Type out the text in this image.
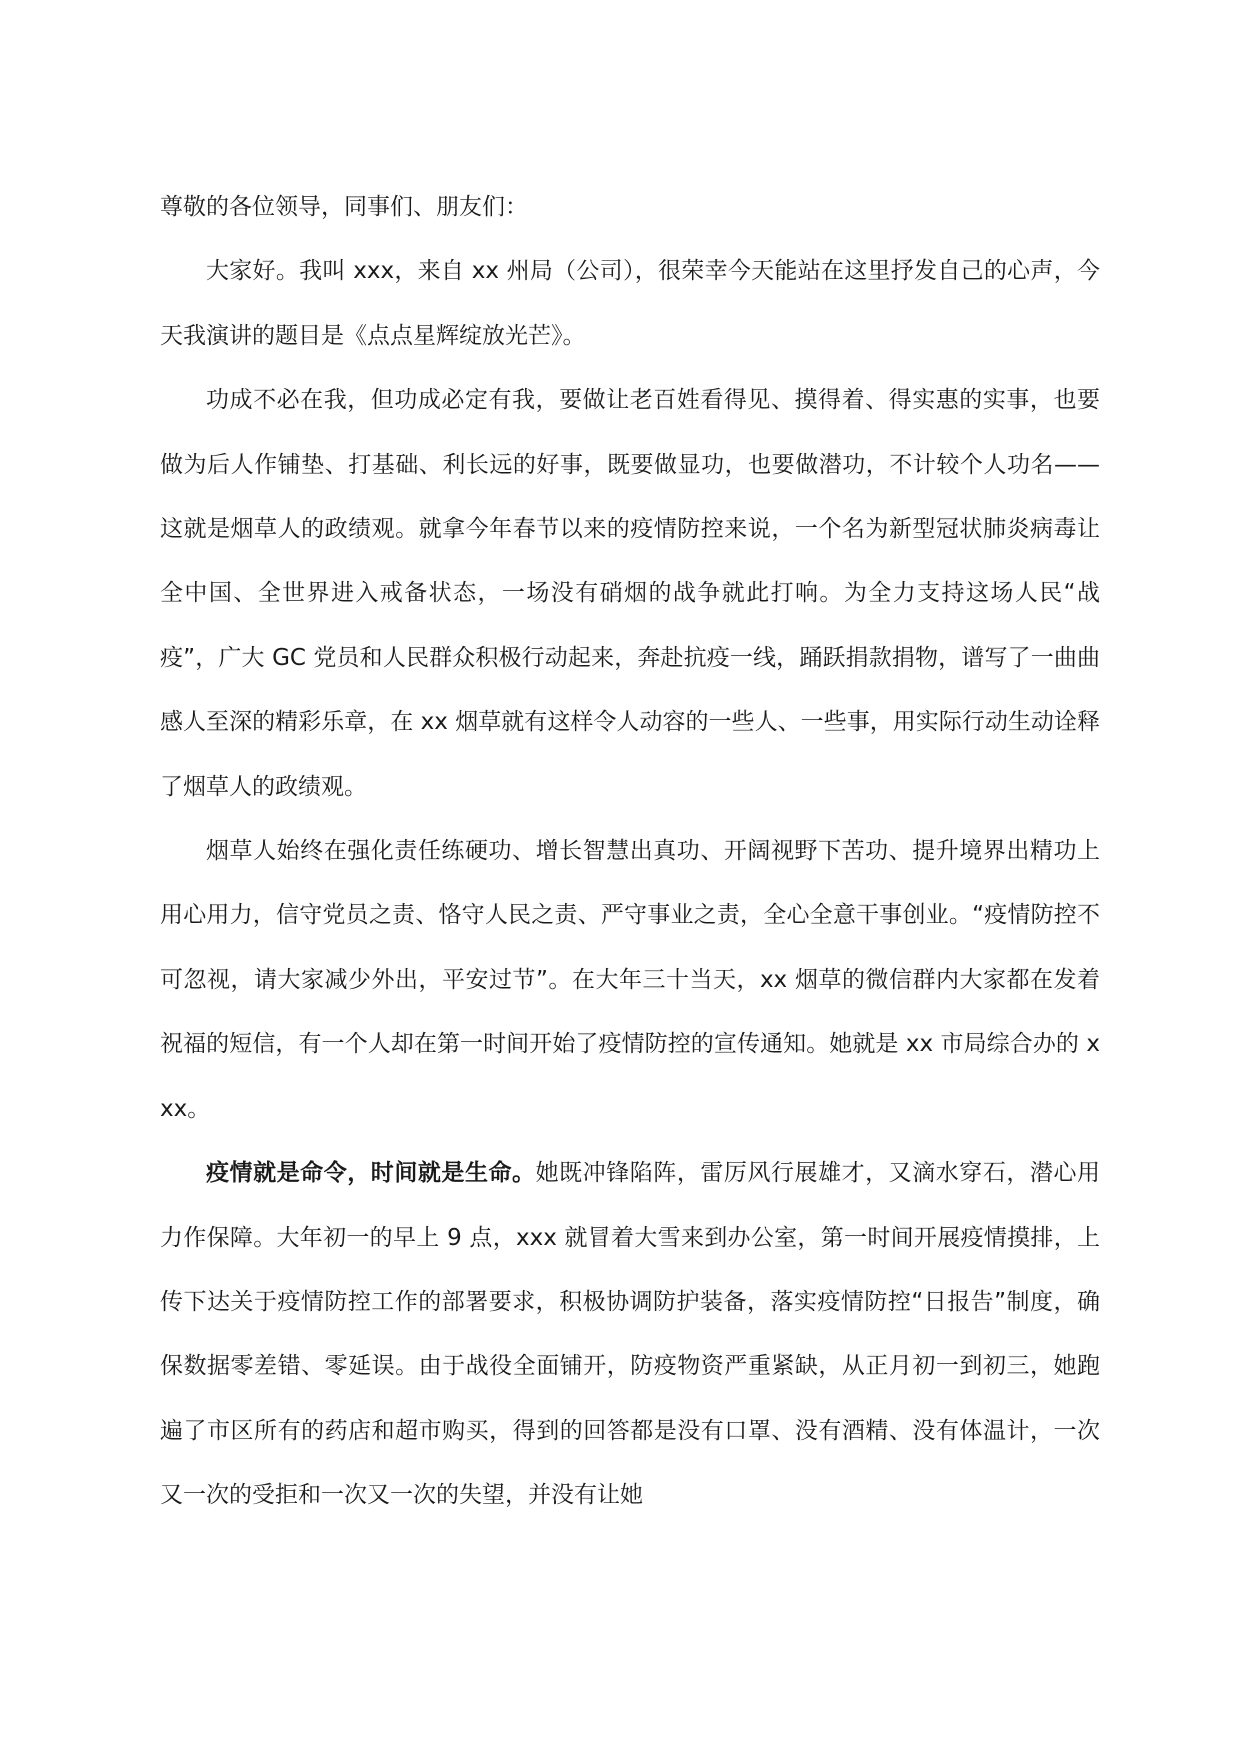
尊敬的各位领导，同事们、朋友们：

大家好。我叫 xxx，来自 xx 州局（公司），很荣幸今天能站在这里抒发自己的心声，今天我演讲的题目是《点点星辉绽放光芒》。

功成不必在我，但功成必定有我，要做让老百姓看得见、摸得着、得实惠的实事，也要做为后人作铺垫、打基础、利长远的好事，既要做显功，也要做潜功，不计较个人功名——这就是烟草人的政绩观。就拿今年春节以来的疫情防控来说，一个名为新型冠状肺炎病毒让全中国、全世界进入戒备状态，一场没有硝烟的战争就此打响。为全力支持这场人民“战疫”，广大 GC 党员和人民群众积极行动起来，奔赴抗疫一线，踊跃捐款捐物，谱写了一曲曲感人至深的精彩乐章，在 xx 烟草就有这样令人动容的一些人、一些事，用实际行动生动诠释了烟草人的政绩观。

烟草人始终在强化责任练硬功、增长智慧出真功、开阔视野下苦功、提升境界出精功上用心用力，信守党员之责、恪守人民之责、严守事业之责，全心全意干事创业。“疫情防控不可忽视，请大家减少外出，平安过节”。在大年三十当天，xx 烟草的微信群内大家都在发着祝福的短信，有一个人却在第一时间开始了疫情防控的宣传通知。她就是 xx 市局综合办的 xxx。

疫情就是命令，时间就是生命。她既冲锋陷阵，雷厉风行展雄才，又滴水穿石，潜心用力作保障。大年初一的早上 9 点，xxx 就冒着大雪来到办公室，第一时间开展疫情摸排，上传下达关于疫情防控工作的部署要求，积极协调防护装备，落实疫情防控“日报告”制度，确保数据零差错、零延误。由于战役全面铺开，防疫物资严重紧缺，从正月初一到初三，她跑遍了市区所有的药店和超市购买，得到的回答都是没有口罩、没有酒精、没有体温计，一次又一次的受拒和一次又一次的失望，并没有让她
